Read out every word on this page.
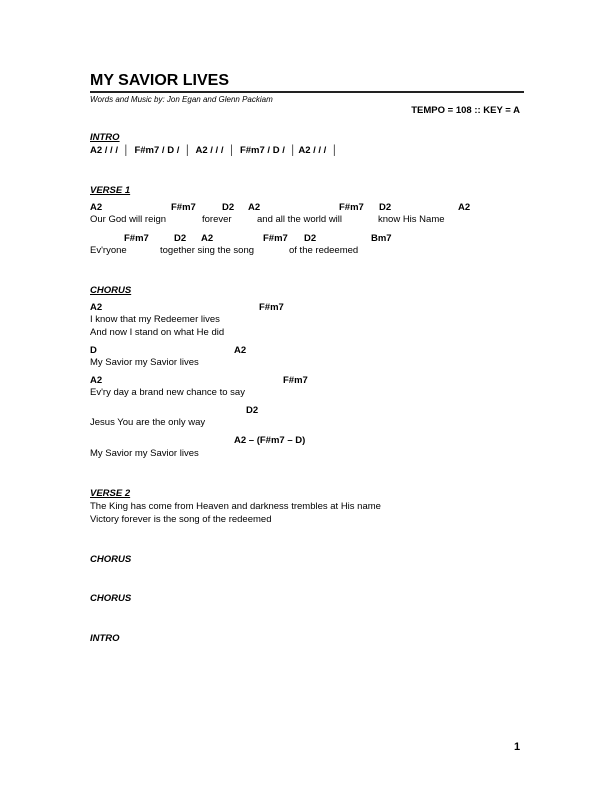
MY SAVIOR LIVES
Words and Music by: Jon Egan and Glenn Packiam
TEMPO = 108 :: KEY = A
INTRO
A2 / / /  │  F#m7 / D /  │  A2 / / /  │  F#m7 / D /  │ A2 / / /  │
VERSE 1
A2	F#m7	D2 A2	F#m7 D2	A2
Our God will reign	forever	and all the world will	know His Name
F#m7	D2 A2	F#m7 D2	Bm7
Ev'ryone	together sing the song	of the redeemed
CHORUS
A2	F#m7
I know that my Redeemer lives
And now I stand on what He did
D	A2
My Savior my Savior lives
A2	F#m7
Ev'ry day a brand new chance to say
D2
Jesus You are the only way
A2 – (F#m7 – D)
My Savior my Savior lives
VERSE 2
The King has come from Heaven and darkness trembles at His name
Victory forever is the song of the redeemed
CHORUS
CHORUS
INTRO
1
